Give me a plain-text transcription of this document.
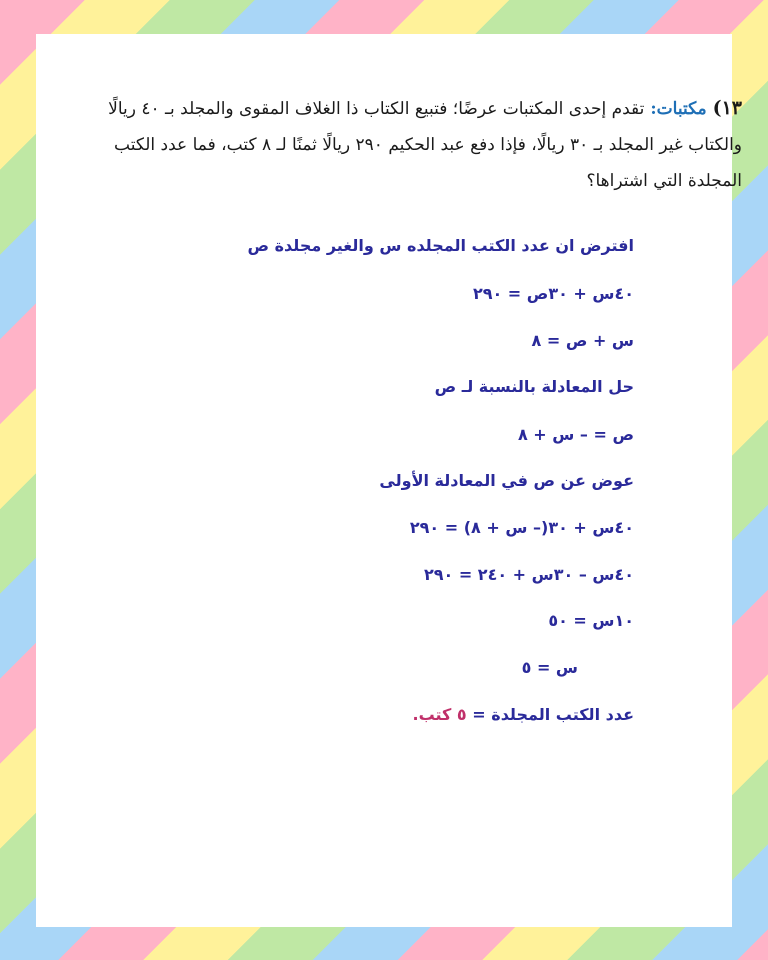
١٣)مكتبات:تقدم إحدى المكتبات عرضًا؛ فتبيع الكتاب ذا الغلاف المقوى والمجلد بـ ٤٠ ريالًا والكتاب غير المجلد بـ ٣٠ ريالًا، فإذا دفع عبد الحكيم ٢٩٠ ريالًا ثمنًا لـ ٨ كتب، فما عدد الكتب المجلدة التي اشتراها؟
افترض ان عدد الكتب المجلده س والغير مجلدة ص
٤٠س + ٣٠ص = ٢٩٠
س + ص = ٨
حل المعادلة بالنسبة لـ ص
ص = – س + ٨
عوض عن ص في المعادلة الأولى
٤٠س + ٣٠(– س + ٨) = ٢٩٠
٤٠س – ٣٠س + ٢٤٠ = ٢٩٠
١٠س = ٥٠
س = ٥
عدد الكتب المجلدة = ٥ كتب.
